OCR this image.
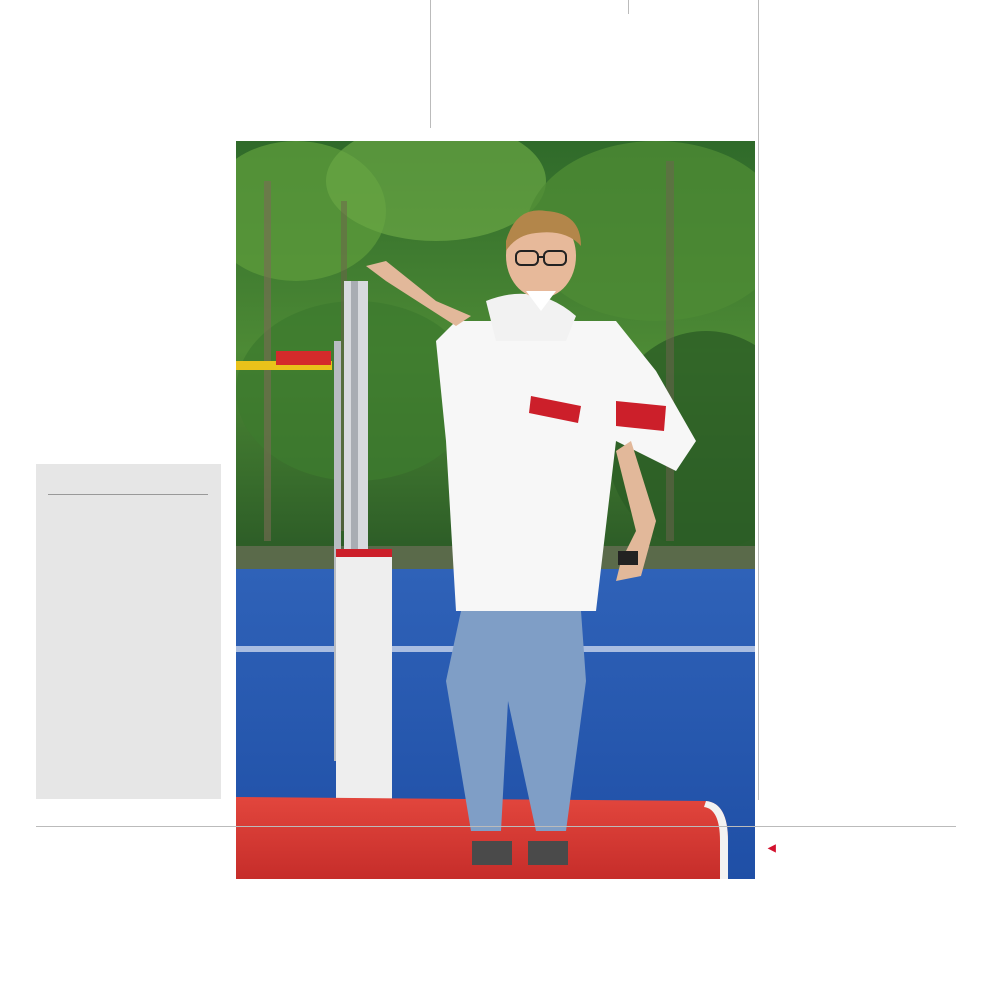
◀
